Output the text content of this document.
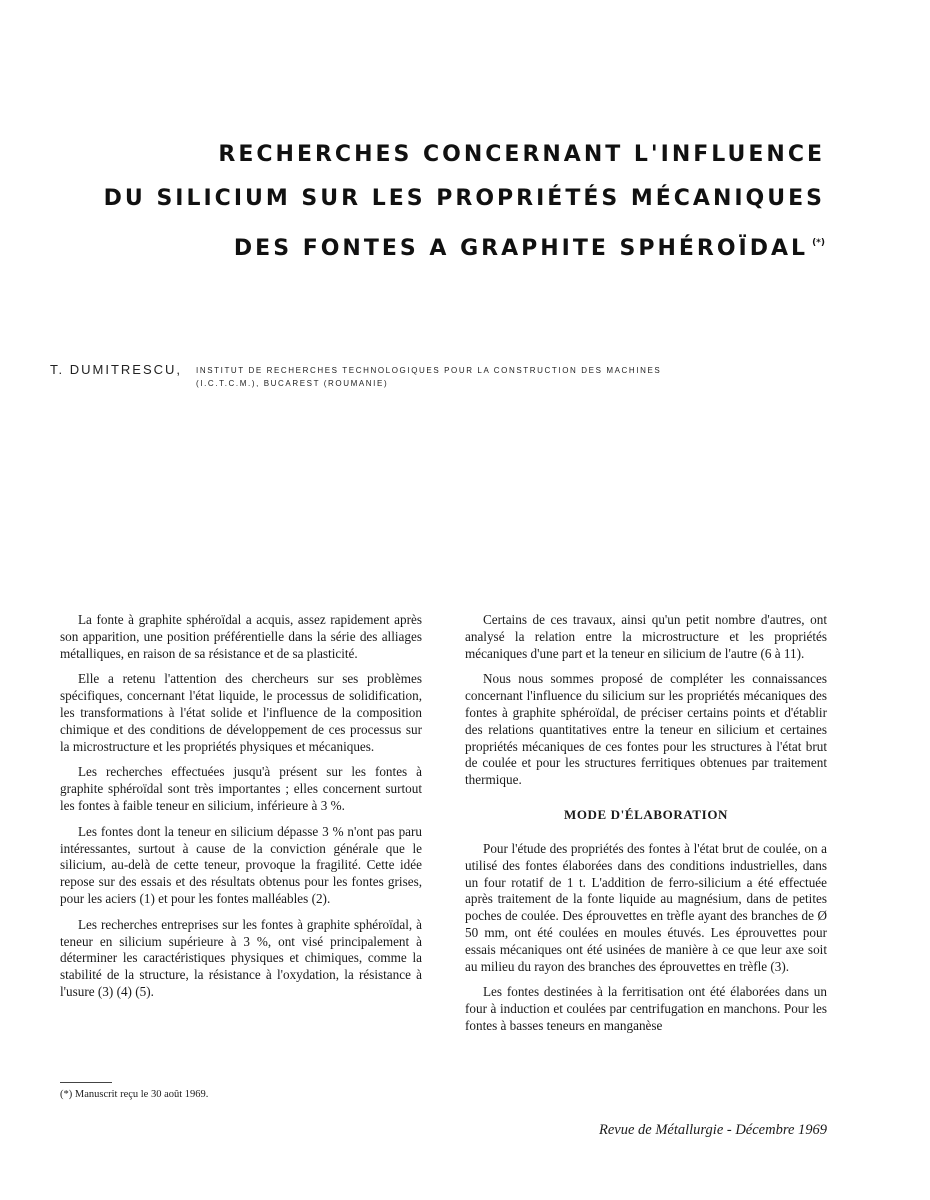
RECHERCHES CONCERNANT L'INFLUENCE
DU SILICIUM SUR LES PROPRIÉTÉS MÉCANIQUES
DES FONTES A GRAPHITE SPHÉROÏDAL (*)
T. DUMITRESCU, INSTITUT DE RECHERCHES TECHNOLOGIQUES POUR LA CONSTRUCTION DES MACHINES
(I.C.T.C.M.), BUCAREST (ROUMANIE)

La fonte à graphite sphéroïdal a acquis, assez rapidement après son apparition, une position préférentielle dans la série des alliages métalliques, en raison de sa résistance et de sa plasticité.

Elle a retenu l'attention des chercheurs sur ses problèmes spécifiques, concernant l'état liquide, le processus de solidification, les transformations à l'état solide et l'influence de la composition chimique et des conditions de développement de ces processus sur la microstructure et les propriétés physiques et mécaniques.

Les recherches effectuées jusqu'à présent sur les fontes à graphite sphéroïdal sont très importantes ; elles concernent surtout les fontes à faible teneur en silicium, inférieure à 3 %.

Les fontes dont la teneur en silicium dépasse 3 % n'ont pas paru intéressantes, surtout à cause de la conviction générale que le silicium, au-delà de cette teneur, provoque la fragilité. Cette idée repose sur des essais et des résultats obtenus pour les fontes grises, pour les aciers (1) et pour les fontes malléables (2).

Les recherches entreprises sur les fontes à graphite sphéroïdal, à teneur en silicium supérieure à 3 %, ont visé principalement à déterminer les caractéristiques physiques et chimiques, comme la stabilité de la structure, la résistance à l'oxydation, la résistance à l'usure (3) (4) (5).

Certains de ces travaux, ainsi qu'un petit nombre d'autres, ont analysé la relation entre la microstructure et les propriétés mécaniques d'une part et la teneur en silicium de l'autre (6 à 11).

Nous nous sommes proposé de compléter les connaissances concernant l'influence du silicium sur les propriétés mécaniques des fontes à graphite sphéroïdal, de préciser certains points et d'établir des relations quantitatives entre la teneur en silicium et certaines propriétés mécaniques de ces fontes pour les structures à l'état brut de coulée et pour les structures ferritiques obtenues par traitement thermique.

MODE D'ÉLABORATION

Pour l'étude des propriétés des fontes à l'état brut de coulée, on a utilisé des fontes élaborées dans des conditions industrielles, dans un four rotatif de 1 t. L'addition de ferro-silicium a été effectuée après traitement de la fonte liquide au magnésium, dans de petites poches de coulée. Des éprouvettes en trèfle ayant des branches de Ø 50 mm, ont été coulées en moules étuvés. Les éprouvettes pour essais mécaniques ont été usinées de manière à ce que leur axe soit au milieu du rayon des branches des éprouvettes en trèfle (3).

Les fontes destinées à la ferritisation ont été élaborées dans un four à induction et coulées par centrifugation en manchons. Pour les fontes à basses teneurs en manganèse

(*) Manuscrit reçu le 30 août 1969.
Revue de Métallurgie - Décembre 1969
